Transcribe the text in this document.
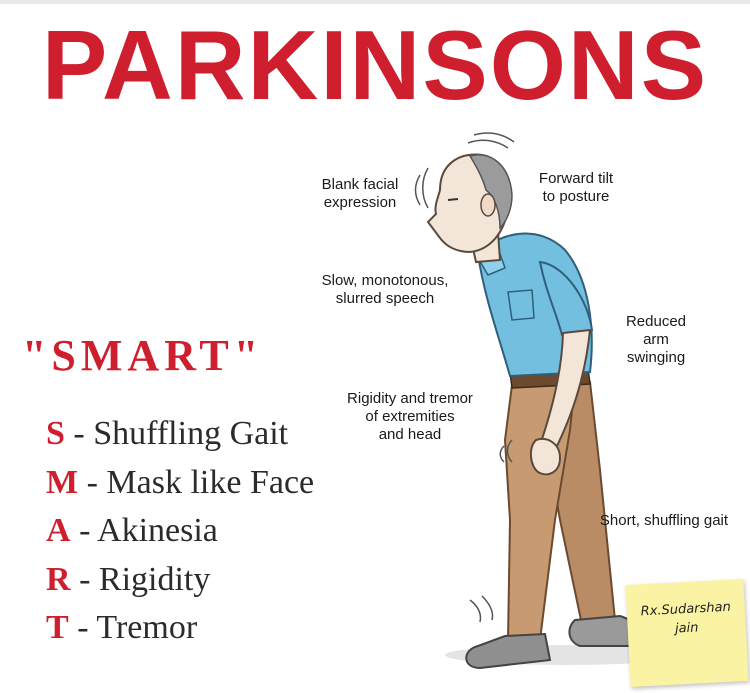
PARKINSONS
"SMART"
S - Shuffling Gait
M - Mask like Face
A - Akinesia
R - Rigidity
T - Tremor
Blank facial
expression
Forward tilt
to posture
Slow, monotonous,
slurred speech
Reduced
arm
swinging
Rigidity and tremor
of extremities
and head
Short, shuffling gait
Rx.Sudarshan
jain
